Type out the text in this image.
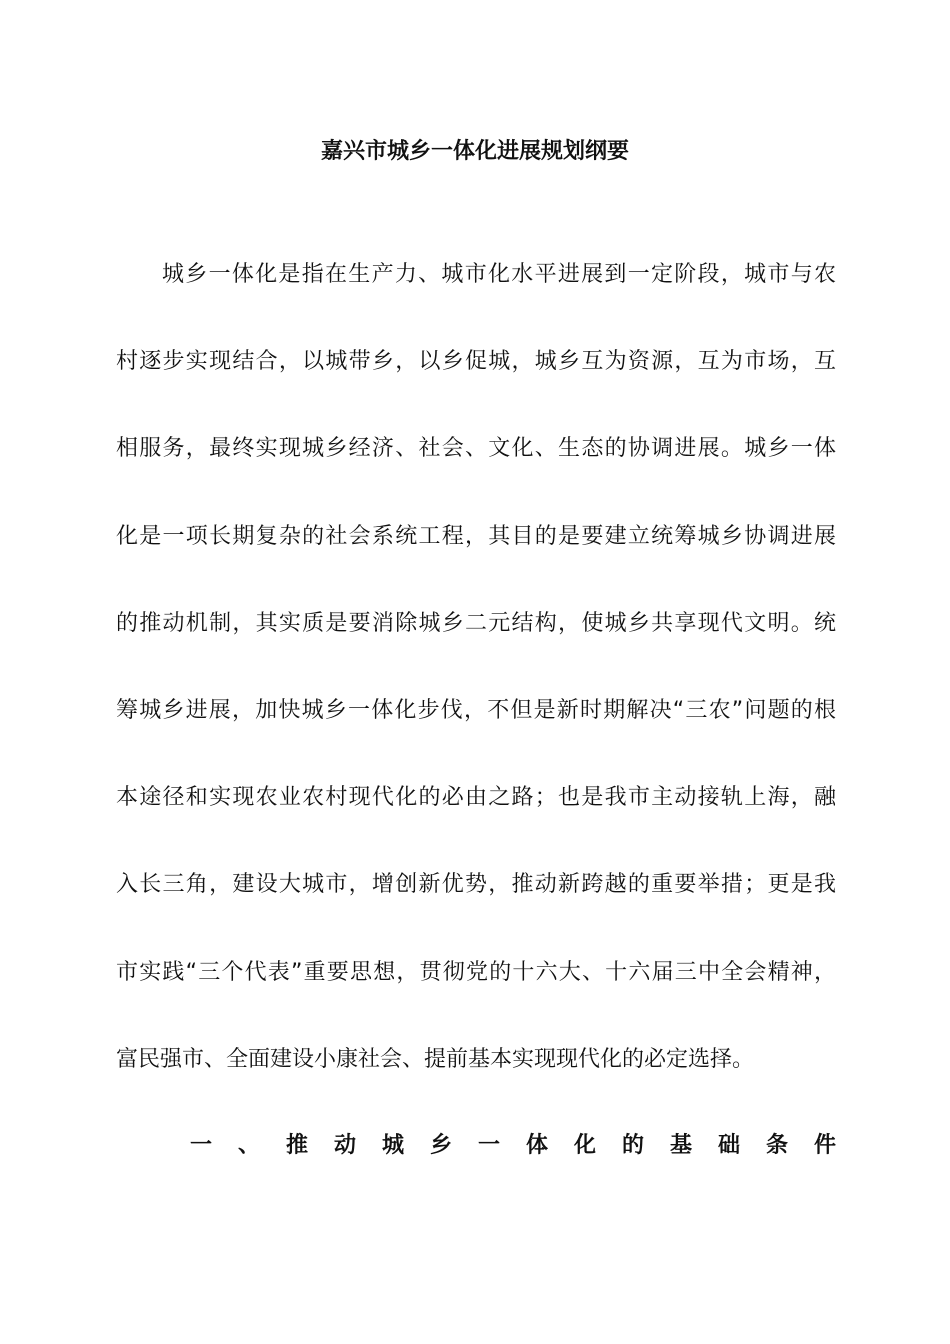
嘉兴市城乡一体化进展规划纲要
城乡一体化是指在生产力、城市化水平进展到一定阶段，城市与农
村逐步实现结合，以城带乡，以乡促城，城乡互为资源，互为市场，互
相服务，最终实现城乡经济、社会、文化、生态的协调进展。城乡一体
化是一项长期复杂的社会系统工程，其目的是要建立统筹城乡协调进展
的推动机制，其实质是要消除城乡二元结构，使城乡共享现代文明。统
筹城乡进展，加快城乡一体化步伐，不但是新时期解决“三农”问题的根
本途径和实现农业农村现代化的必由之路；也是我市主动接轨上海，融
入长三角，建设大城市，增创新优势，推动新跨越的重要举措；更是我
市实践“三个代表”重要思想，贯彻党的十六大、十六届三中全会精神，
富民强市、全面建设小康社会、提前基本实现现代化的必定选择。
一 、 推 动 城 乡 一 体 化 的 基 础 条 件
